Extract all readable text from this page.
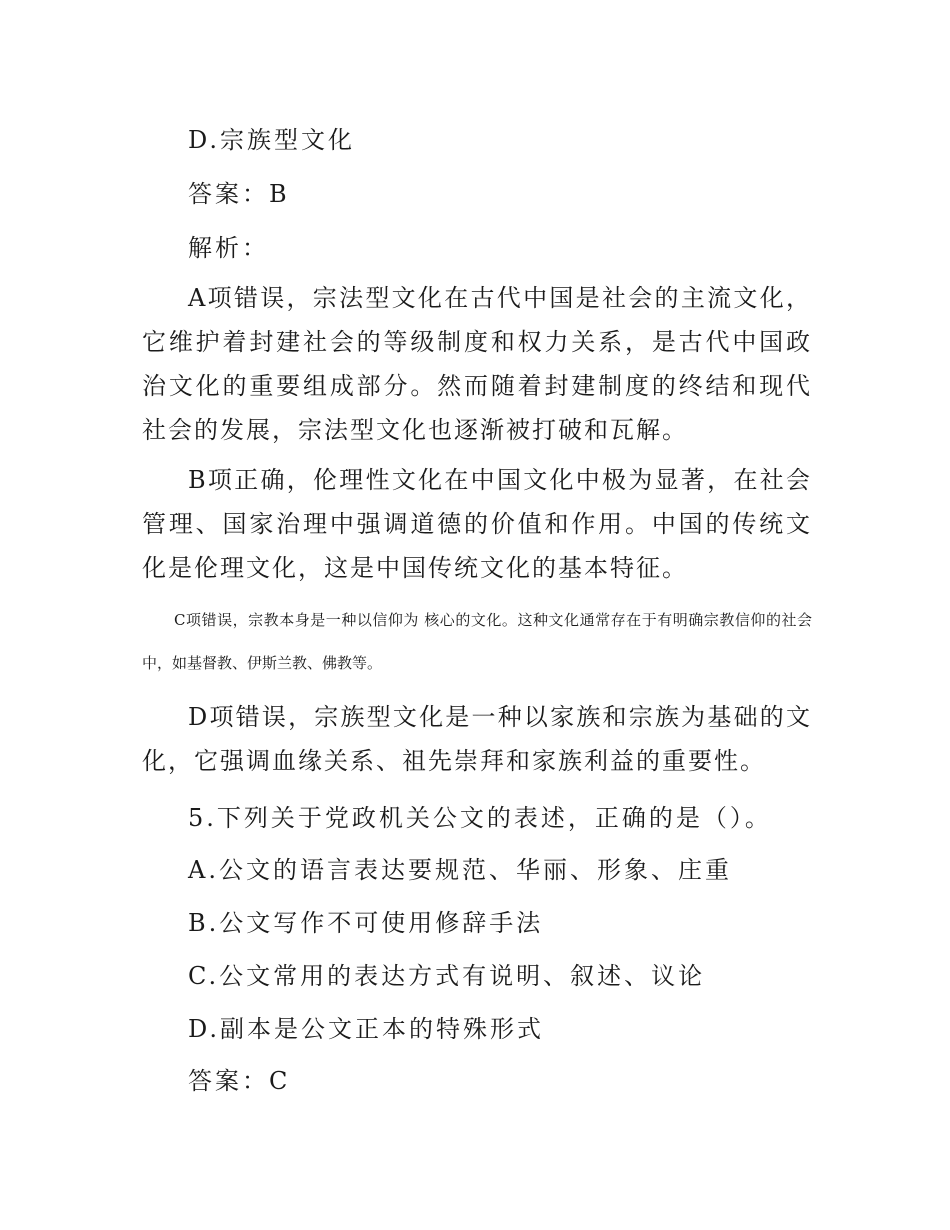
D.宗族型文化
答案：B
解析：
A项错误，宗法型文化在古代中国是社会的主流文化，它维护着封建社会的等级制度和权力关系，是古代中国政治文化的重要组成部分。然而随着封建制度的终结和现代社会的发展，宗法型文化也逐渐被打破和瓦解。
B项正确，伦理性文化在中国文化中极为显著，在社会管理、国家治理中强调道德的价值和作用。中国的传统文化是伦理文化，这是中国传统文化的基本特征。
C项错误，宗教本身是一种以信仰为 核心的文化。这种文化通常存在于有明确宗教信仰的社会中，如基督教、伊斯兰教、佛教等。
D项错误，宗族型文化是一种以家族和宗族为基础的文化，它强调血缘关系、祖先崇拜和家族利益的重要性。
5.下列关于党政机关公文的表述，正确的是（）。
A.公文的语言表达要规范、华丽、形象、庄重
B.公文写作不可使用修辞手法
C.公文常用的表达方式有说明、叙述、议论
D.副本是公文正本的特殊形式
答案：C
